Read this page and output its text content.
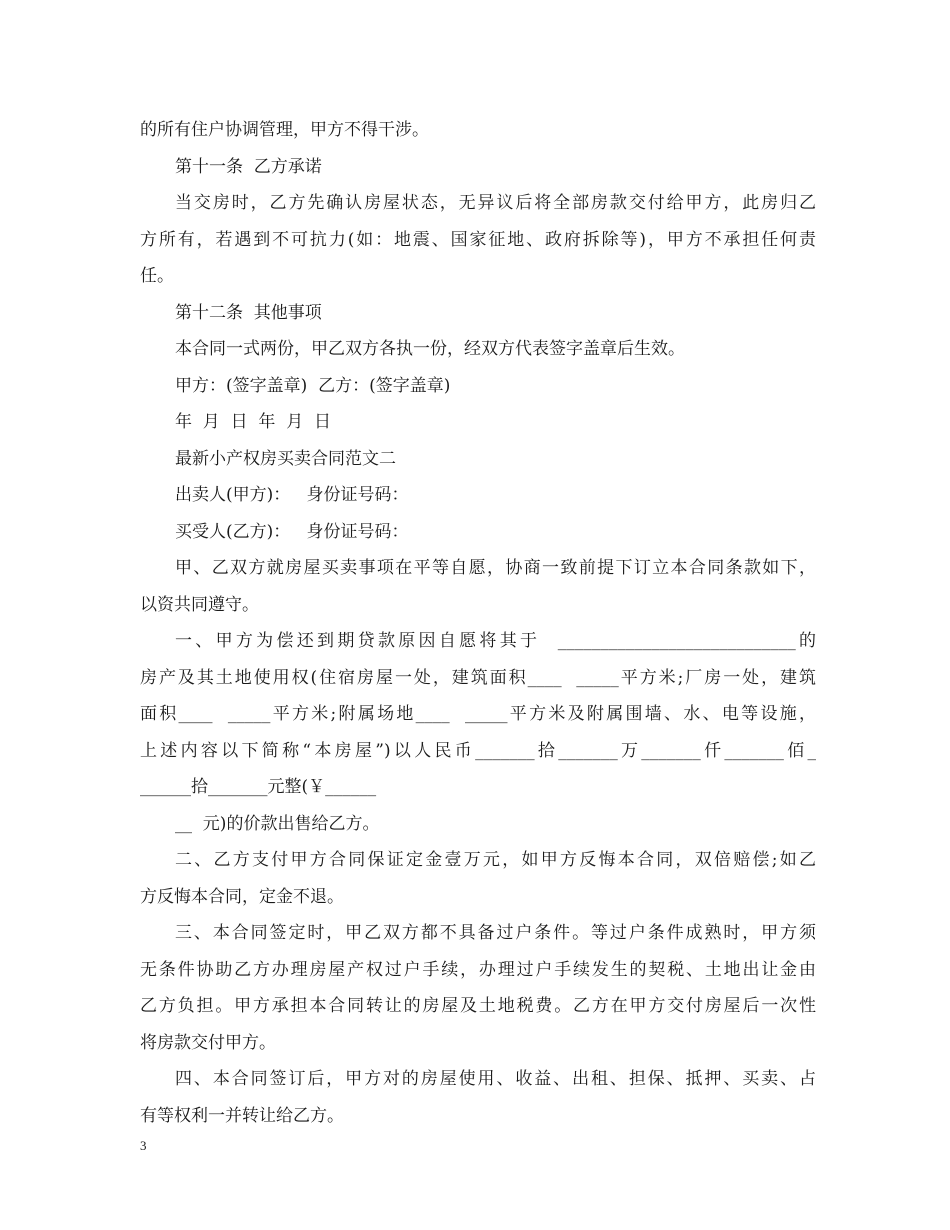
的所有住户协调管理，甲方不得干涉。
第十一条  乙方承诺
当交房时，乙方先确认房屋状态，无异议后将全部房款交付给甲方，此房归乙
方所有，若遇到不可抗力(如：地震、国家征地、政府拆除等)，甲方不承担任何责
任。
第十二条  其他事项
本合同一式两份，甲乙双方各执一份，经双方代表签字盖章后生效。
甲方：(签字盖章)  乙方：(签字盖章)
年  月  日  年  月  日
最新小产权房买卖合同范文二
出卖人(甲方)：   身份证号码：
买受人(乙方)：   身份证号码：
甲、乙双方就房屋买卖事项在平等自愿，协商一致前提下订立本合同条款如下，
以资共同遵守。
一、甲方为偿还到期贷款原因自愿将其于  ____________________________的
房产及其土地使用权(住宿房屋一处，建筑面积____  _____平方米;厂房一处，建筑
面积____  _____平方米;附属场地____  _____平方米及附属围墙、水、电等设施，
上述内容以下简称“本房屋”)以人民币_______拾_______万_______仟_______佰_
______拾_______元整(￥______
__  元)的价款出售给乙方。
二、乙方支付甲方合同保证定金壹万元，如甲方反悔本合同，双倍赔偿;如乙
方反悔本合同，定金不退。
三、本合同签定时，甲乙双方都不具备过户条件。等过户条件成熟时，甲方须
无条件协助乙方办理房屋产权过户手续，办理过户手续发生的契税、土地出让金由
乙方负担。甲方承担本合同转让的房屋及土地税费。乙方在甲方交付房屋后一次性
将房款交付甲方。
四、本合同签订后，甲方对的房屋使用、收益、出租、担保、抵押、买卖、占
有等权利一并转让给乙方。
3
